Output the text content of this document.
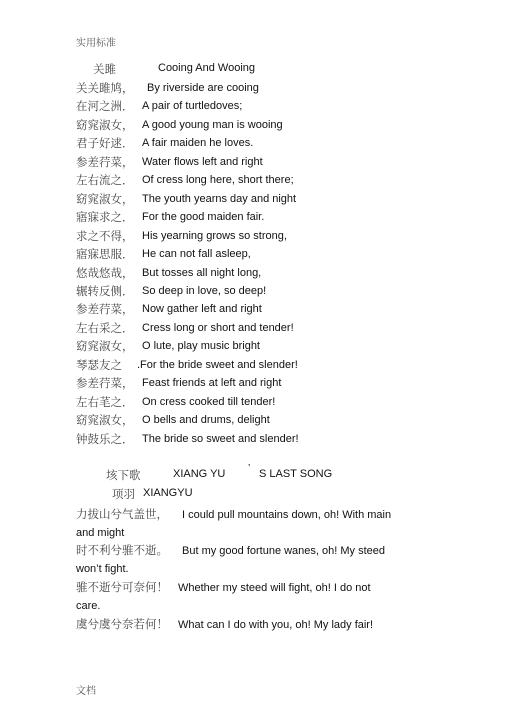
实用标准
关雎	Cooing And Wooing
关关雎鸠， By riverside are cooing
在河之洲． A pair of turtledoves;
窈窕淑女， A good young man is wooing
君子好逑． A fair maiden he loves.
参差荇菜， Water flows left and right
左右流之． Of cress long here, short there;
窈窕淑女， The youth yearns day and night
寤寐求之． For the good maiden fair.
求之不得， His yearning grows so strong,
寤寐思服． He can not fall asleep,
悠哉悠哉， But tosses all night long,
辗转反侧． So deep in love, so deep!
参差荇菜， Now gather left and right
左右采之． Cress long or short and tender!
窈窕淑女， O lute, play music bright
琴瑟友之 .For the bride sweet and slender!
参差荇菜， Feast friends at left and right
左右芼之． On cress cooked till tender!
窈窕淑女， O bells and drums, delight
钟鼓乐之． The bride so sweet and slender!
垓下歌	XIANG YU ’ S LAST SONG
项羽 XIANGYU
力拔山兮气盖世， I could pull mountains down, oh! With main
and might
时不利兮骓不逝。 But my good fortune wanes, oh! My steed
won’t fight.
骓不逝兮可奈何！ Whether my steed will fight, oh! I do not
care.
虞兮虞兮奈若何！ What can I do with you, oh! My lady fair!
文档
